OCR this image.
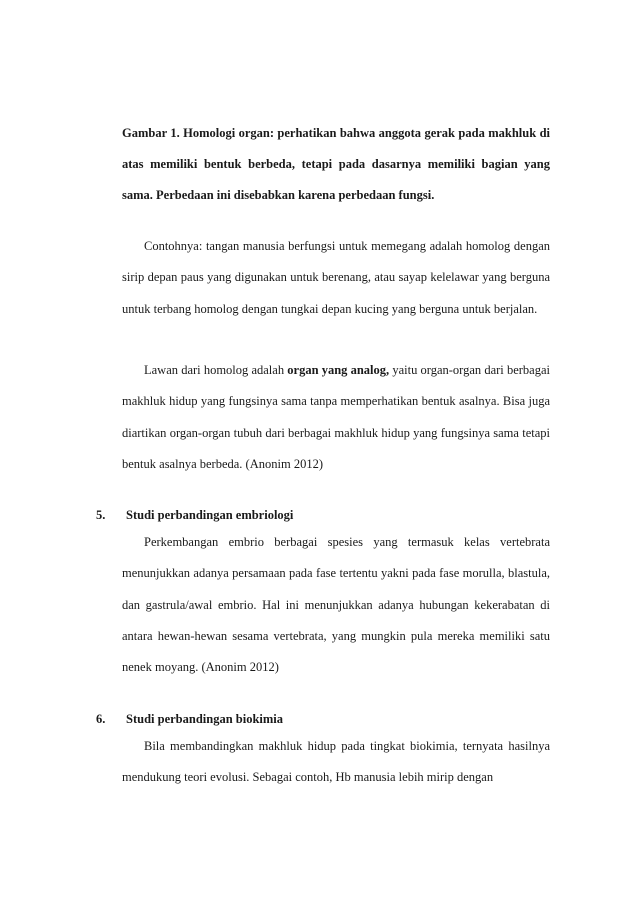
Gambar 1. Homologi organ: perhatikan bahwa anggota gerak pada makhluk di atas memiliki bentuk berbeda, tetapi pada dasarnya memiliki bagian yang sama. Perbedaan ini disebabkan karena perbedaan fungsi.

Contohnya: tangan manusia berfungsi untuk memegang adalah homolog dengan sirip depan paus yang digunakan untuk berenang, atau sayap kelelawar yang berguna untuk terbang homolog dengan tungkai depan kucing yang berguna untuk berjalan.

Lawan dari homolog adalah organ yang analog, yaitu organ-organ dari berbagai makhluk hidup yang fungsinya sama tanpa memperhatikan bentuk asalnya. Bisa juga diartikan organ-organ tubuh dari berbagai makhluk hidup yang fungsinya sama tetapi bentuk asalnya berbeda. (Anonim 2012)

5. Studi perbandingan embriologi

Perkembangan embrio berbagai spesies yang termasuk kelas vertebrata menunjukkan adanya persamaan pada fase tertentu yakni pada fase morulla, blastula, dan gastrula/awal embrio. Hal ini menunjukkan adanya hubungan kekerabatan di antara hewan-hewan sesama vertebrata, yang mungkin pula mereka memiliki satu nenek moyang. (Anonim 2012)

6. Studi perbandingan biokimia

Bila membandingkan makhluk hidup pada tingkat biokimia, ternyata hasilnya mendukung teori evolusi. Sebagai contoh, Hb manusia lebih mirip dengan
